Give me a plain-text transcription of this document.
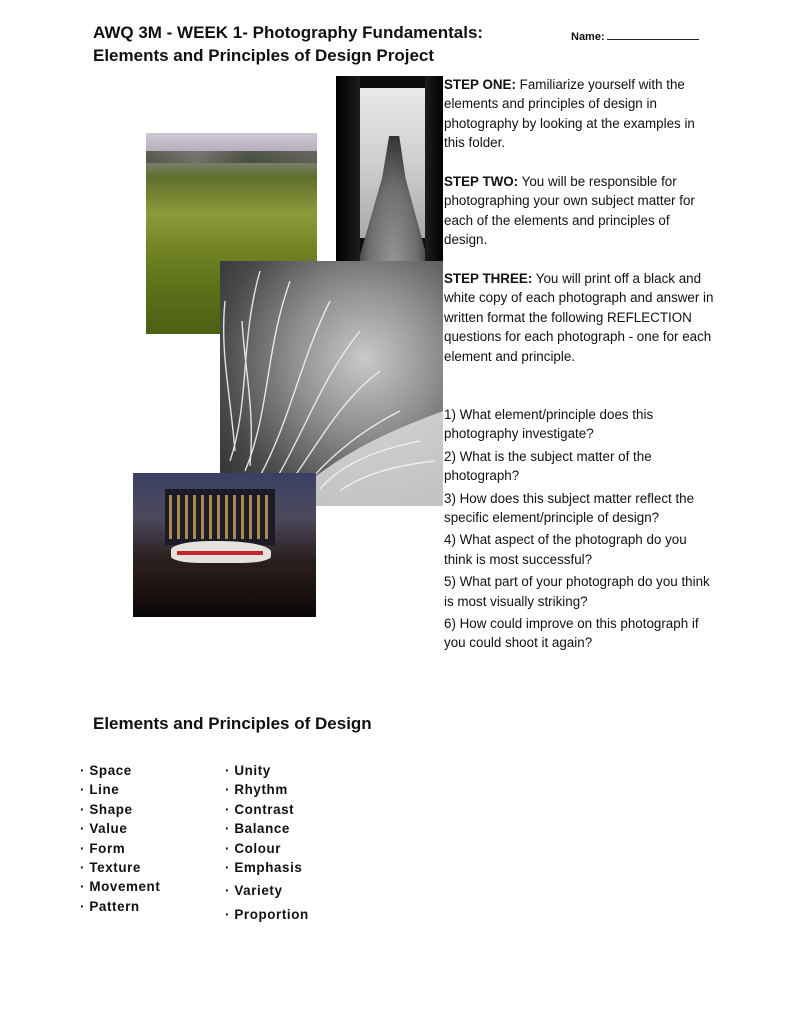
AWQ 3M - WEEK 1- Photography Fundamentals:
Elements and Principles of Design Project
Name:

STEP ONE: Familiarize yourself with the elements and principles of design in photography by looking at the examples in this folder.

STEP TWO: You will be responsible for photographing your own subject matter for each of the elements and principles of design.

STEP THREE: You will print off a black and white copy of each photograph and answer in written format the following REFLECTION questions for each photograph - one for each element and principle.

1) What element/principle does this photography investigate?
2) What is the subject matter of the photograph?
3) How does this subject matter reflect the specific element/principle of design?
4) What aspect of the photograph do you think is most successful?
5) What part of your photograph do you think is most visually striking?
6) How could improve on this photograph if you could shoot it again?
Elements and Principles of Design
· Space
· Line
· Shape
· Value
· Form
· Texture
· Movement
· Pattern
· Unity
· Rhythm
· Contrast
· Balance
· Colour
· Emphasis
· Variety
· Proportion
